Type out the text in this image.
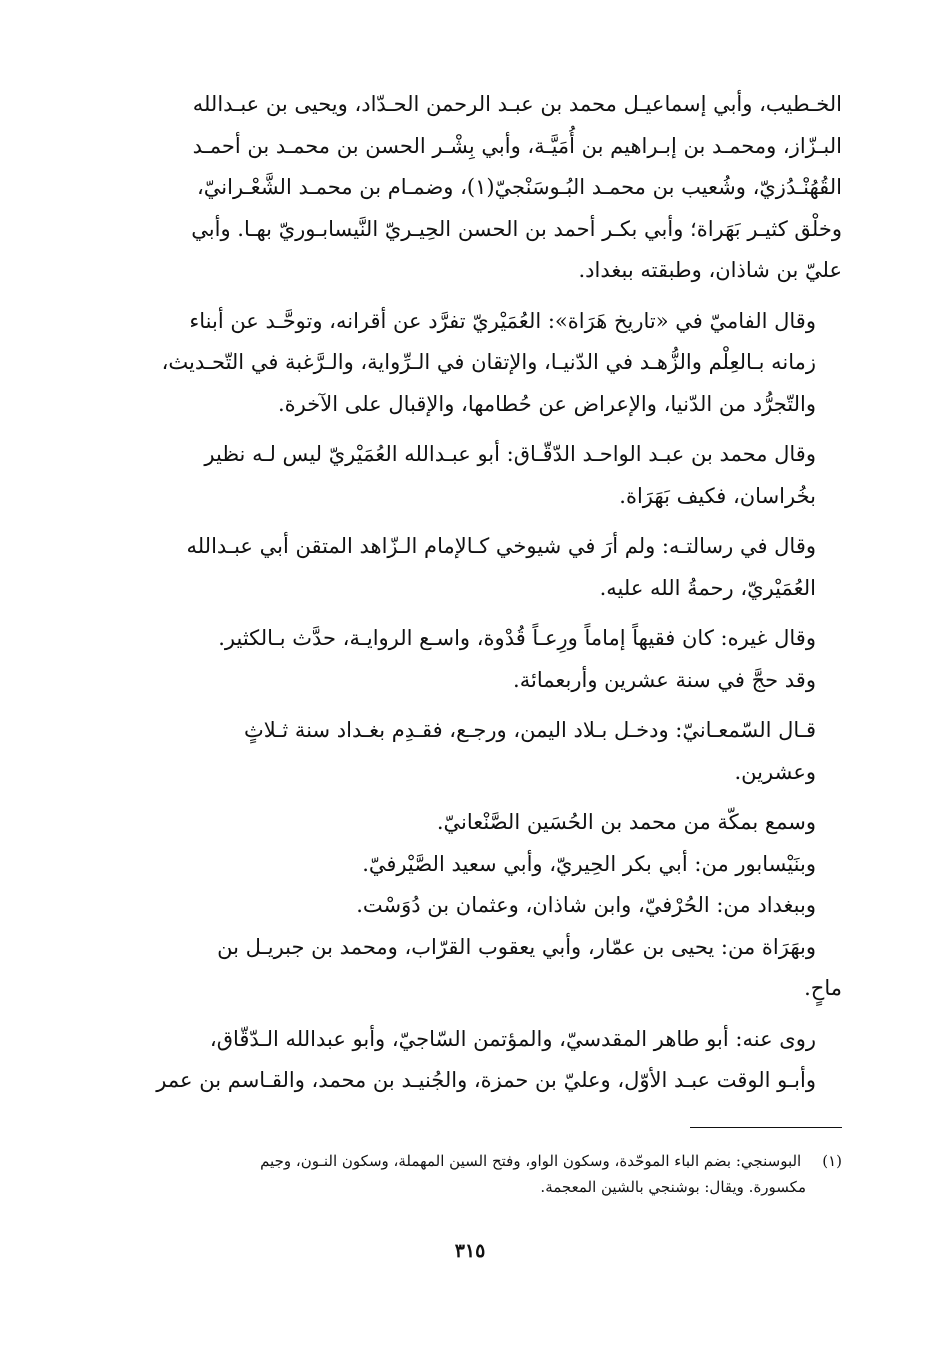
الخـطيب، وأبي إسماعيـل محمد بن عبـد الرحمن الحـدّاد، ويحيى بن عبـدالله
البـزّاز، ومحمـد بن إبـراهيم بن أُمَيَّـة، وأبي بِشْـر الحسن بن محمـد بن أحمـد
القُهُنْـدُزيّ، وشُعيب بن محمـد البُـوسَنْجيّ(١)، وضمـام بن محمـد الشَّعْـرانيّ،
وخلْق كثيـر بَهَراة؛ وأبي بكـر أحمد بن الحسن الحِيـريّ النَّيسابـوريّ بهـا. وأبي
عليّ بن شاذان، وطبقته ببغداد.

وقال الفاميّ في «تاريخ هَرَاة»: العُمَيْريّ تفرَّد عن أقرانه، وتوحَّـد عن أبناء
زمانه بـالعِلْم والزُّهـد في الدّنيـا، والإتقان في الـرِّواية، والـرَّغبة في التّحـديث،
والتّجرُّد من الدّنيا، والإعراض عن حُطامها، والإقبال على الآخرة.

وقال محمد بن عبـد الواحـد الدّقّـاق: أبو عبـدالله العُمَيْريّ ليس لـه نظير
بخُراسان، فكيف بَهَرَاة.

وقال في رسالتـه: ولم أرَ في شيوخي كـالإمام الـزّاهد المتقن أبي عبـدالله
العُمَيْريّ، رحمةُ الله عليه.

وقال غيره: كان فقيهاً إماماً ورِعـاً قُدْوة، واسـع الروايـة، حدَّث بـالكثير.
وقد حجَّ في سنة عشرين وأربعمائة.

قـال السّمعـانيّ: ودخـل بـلاد اليمن، ورجـع، فقـدِم بغـداد سنة ثـلاثٍ
وعشرين.

وسمع بمكّة من محمد بن الحُسَين الصَّنْعانيّ.
وبنَيْسابور من: أبي بكر الحِيريّ، وأبي سعيد الصَّيْرفيّ.
وببغداد من: الحُرْفيّ، وابن شاذان، وعثمان بن دُوَسْت.
وبهَرَاة من: يحيى بن عمّار، وأبي يعقوب القرّاب، ومحمد بن جبريـل بن
ماحٍ.

روى عنه: أبو طاهر المقدسيّ، والمؤتمن السّاجيّ، وأبو عبدالله الـدّقّاق،
وأبـو الوقت عبـد الأوّل، وعليّ بن حمزة، والجُنيـد بن محمد، والقـاسم بن عمر

(١) البوسنجي: بضم الباء الموحّدة، وسكون الواو، وفتح السين المهملة، وسكون النـون، وجيم
مكسورة. ويقال: بوشنجي بالشين المعجمة.
٣١٥
